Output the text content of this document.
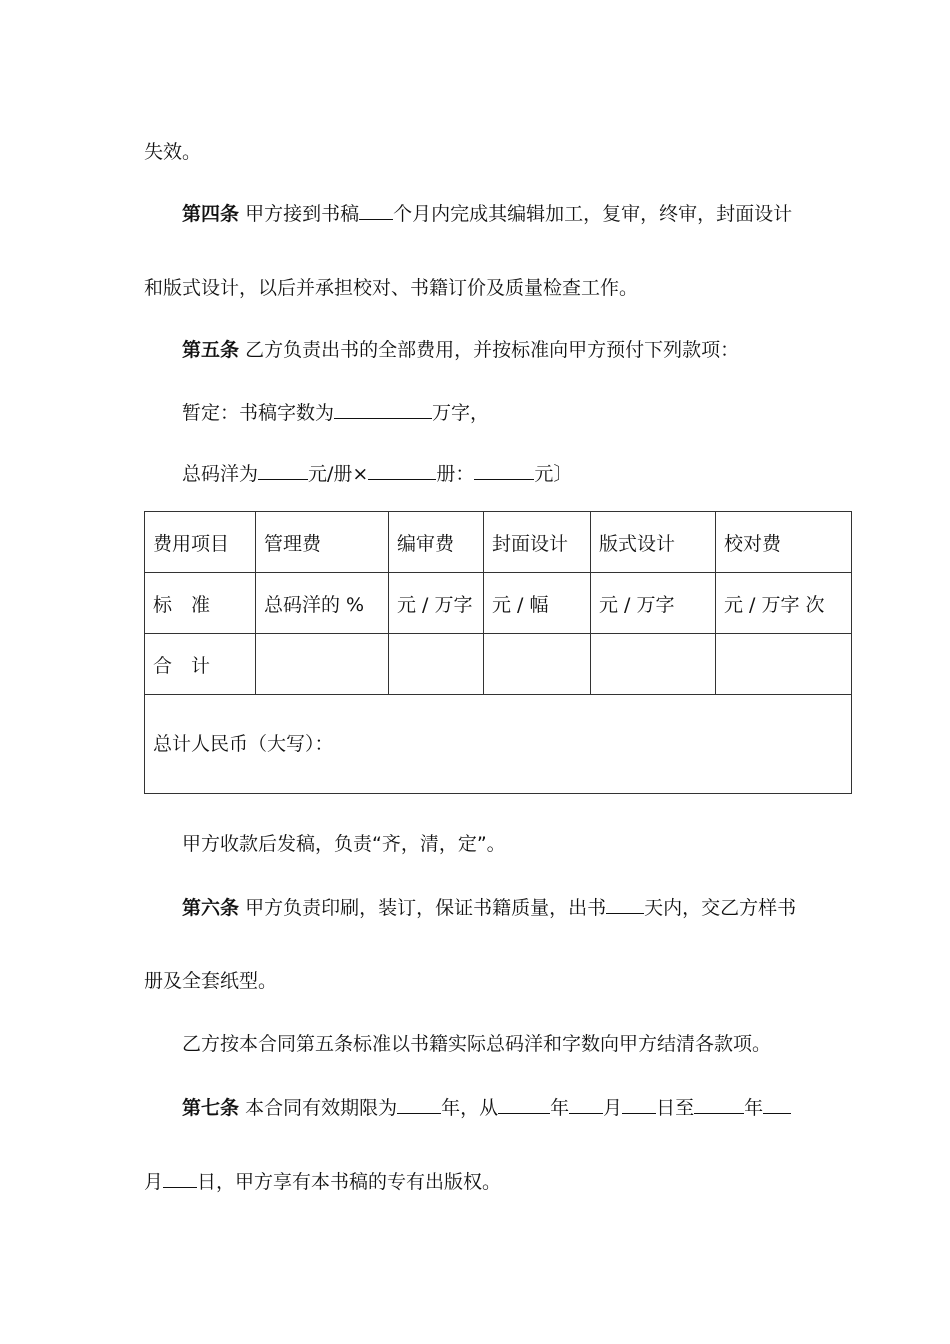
失效。
第四条 甲方接到书稿 个月内完成其编辑加工，复审，终审，封面设计
和版式设计，以后并承担校对、书籍订价及质量检查工作。
第五条 乙方负责出书的全部费用，并按标准向甲方预付下列款项：
暂定：书稿字数为	万字，
总码洋为	元/册×	册：	元〕
费用项目	管理费	编审费	封面设计	版式设计	校对费
标　准	总码洋的 %	元 / 万字	元 / 幅	元 / 万字	元 / 万字 次
合　计					
总计人民币（大写）：					
甲方收款后发稿，负责“齐，清，定”。
第六条 甲方负责印刷，装订，保证书籍质量，出书 天内，交乙方样书
册及全套纸型。
乙方按本合同第五条标准以书籍实际总码洋和字数向甲方结清各款项。
第七条 本合同有效期限为 年，从	年 月 日至	年
月 日，甲方享有本书稿的专有出版权。
